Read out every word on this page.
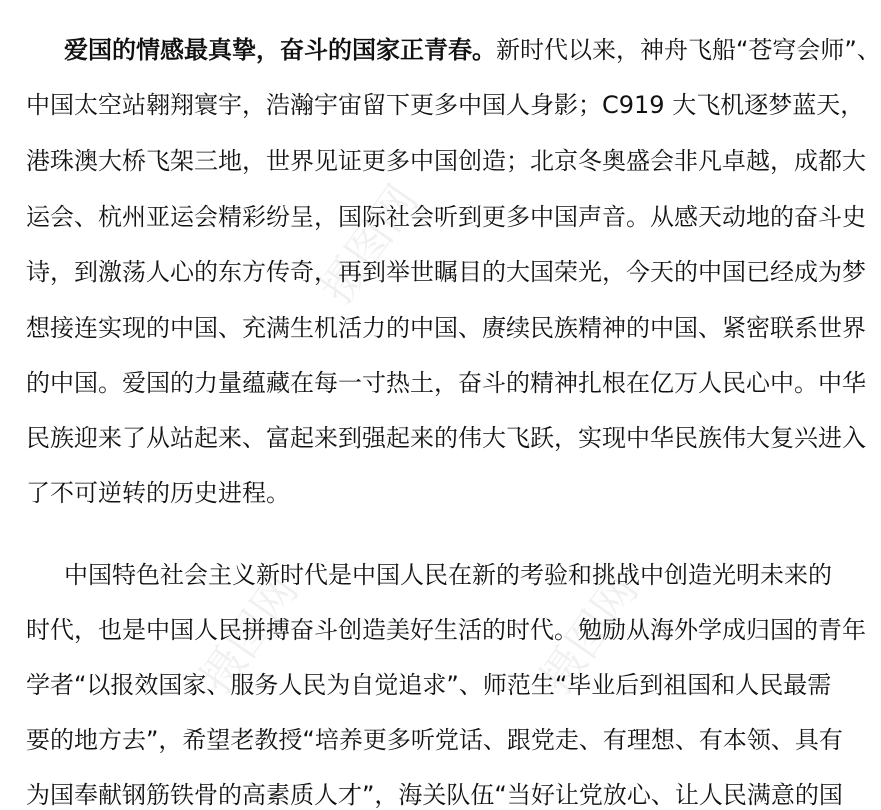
摄图网
摄图网	摄图网
爱国的情感最真挚，奋斗的国家正青春。新时代以来，神舟飞船“苍穹会师”、
中国太空站翱翔寰宇，浩瀚宇宙留下更多中国人身影；C919 大飞机逐梦蓝天，
港珠澳大桥飞架三地，世界见证更多中国创造；北京冬奥盛会非凡卓越，成都大
运会、杭州亚运会精彩纷呈，国际社会听到更多中国声音。从感天动地的奋斗史
诗，到激荡人心的东方传奇，再到举世瞩目的大国荣光，今天的中国已经成为梦
想接连实现的中国、充满生机活力的中国、赓续民族精神的中国、紧密联系世界
的中国。爱国的力量蕴藏在每一寸热土，奋斗的精神扎根在亿万人民心中。中华
民族迎来了从站起来、富起来到强起来的伟大飞跃，实现中华民族伟大复兴进入
了不可逆转的历史进程。
中国特色社会主义新时代是中国人民在新的考验和挑战中创造光明未来的
时代，也是中国人民拼搏奋斗创造美好生活的时代。勉励从海外学成归国的青年
学者“以报效国家、服务人民为自觉追求”、师范生“毕业后到祖国和人民最需
要的地方去”，希望老教授“培养更多听党话、跟党走、有理想、有本领、具有
为国奉献钢筋铁骨的高素质人才”，海关队伍“当好让党放心、让人民满意的国
